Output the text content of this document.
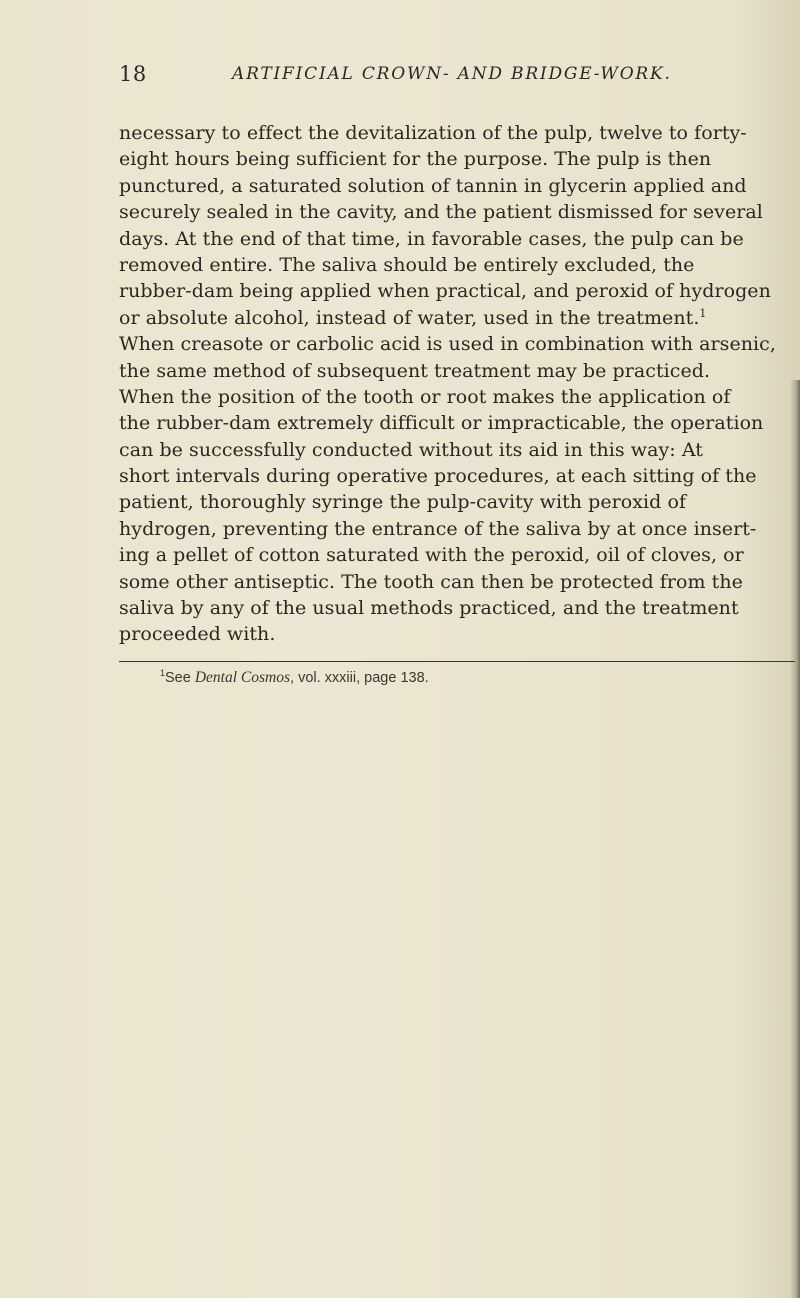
18	ARTIFICIAL CROWN- AND BRIDGE-WORK.
necessary to effect the devitalization of the pulp, twelve to forty-
eight hours being sufficient for the purpose. The pulp is then
punctured, a saturated solution of tannin in glycerin applied and
securely sealed in the cavity, and the patient dismissed for several
days. At the end of that time, in favorable cases, the pulp can be
removed entire. The saliva should be entirely excluded, the
rubber-dam being applied when practical, and peroxid of hydrogen
or absolute alcohol, instead of water, used in the treatment.$^1$
When creasote or carbolic acid is used in combination with arsenic,
the same method of subsequent treatment may be practiced.
When the position of the tooth or root makes the application of
the rubber-dam extremely difficult or impracticable, the operation
can be successfully conducted without its aid in this way: At
short intervals during operative procedures, at each sitting of the
patient, thoroughly syringe the pulp-cavity with peroxid of
hydrogen, preventing the entrance of the saliva by at once insert-
ing a pellet of cotton saturated with the peroxid, oil of cloves, or
some other antiseptic. The tooth can then be protected from the
saliva by any of the usual methods practiced, and the treatment
proceeded with.
$^1$See Dental Cosmos, vol. xxxiii, page 138.
